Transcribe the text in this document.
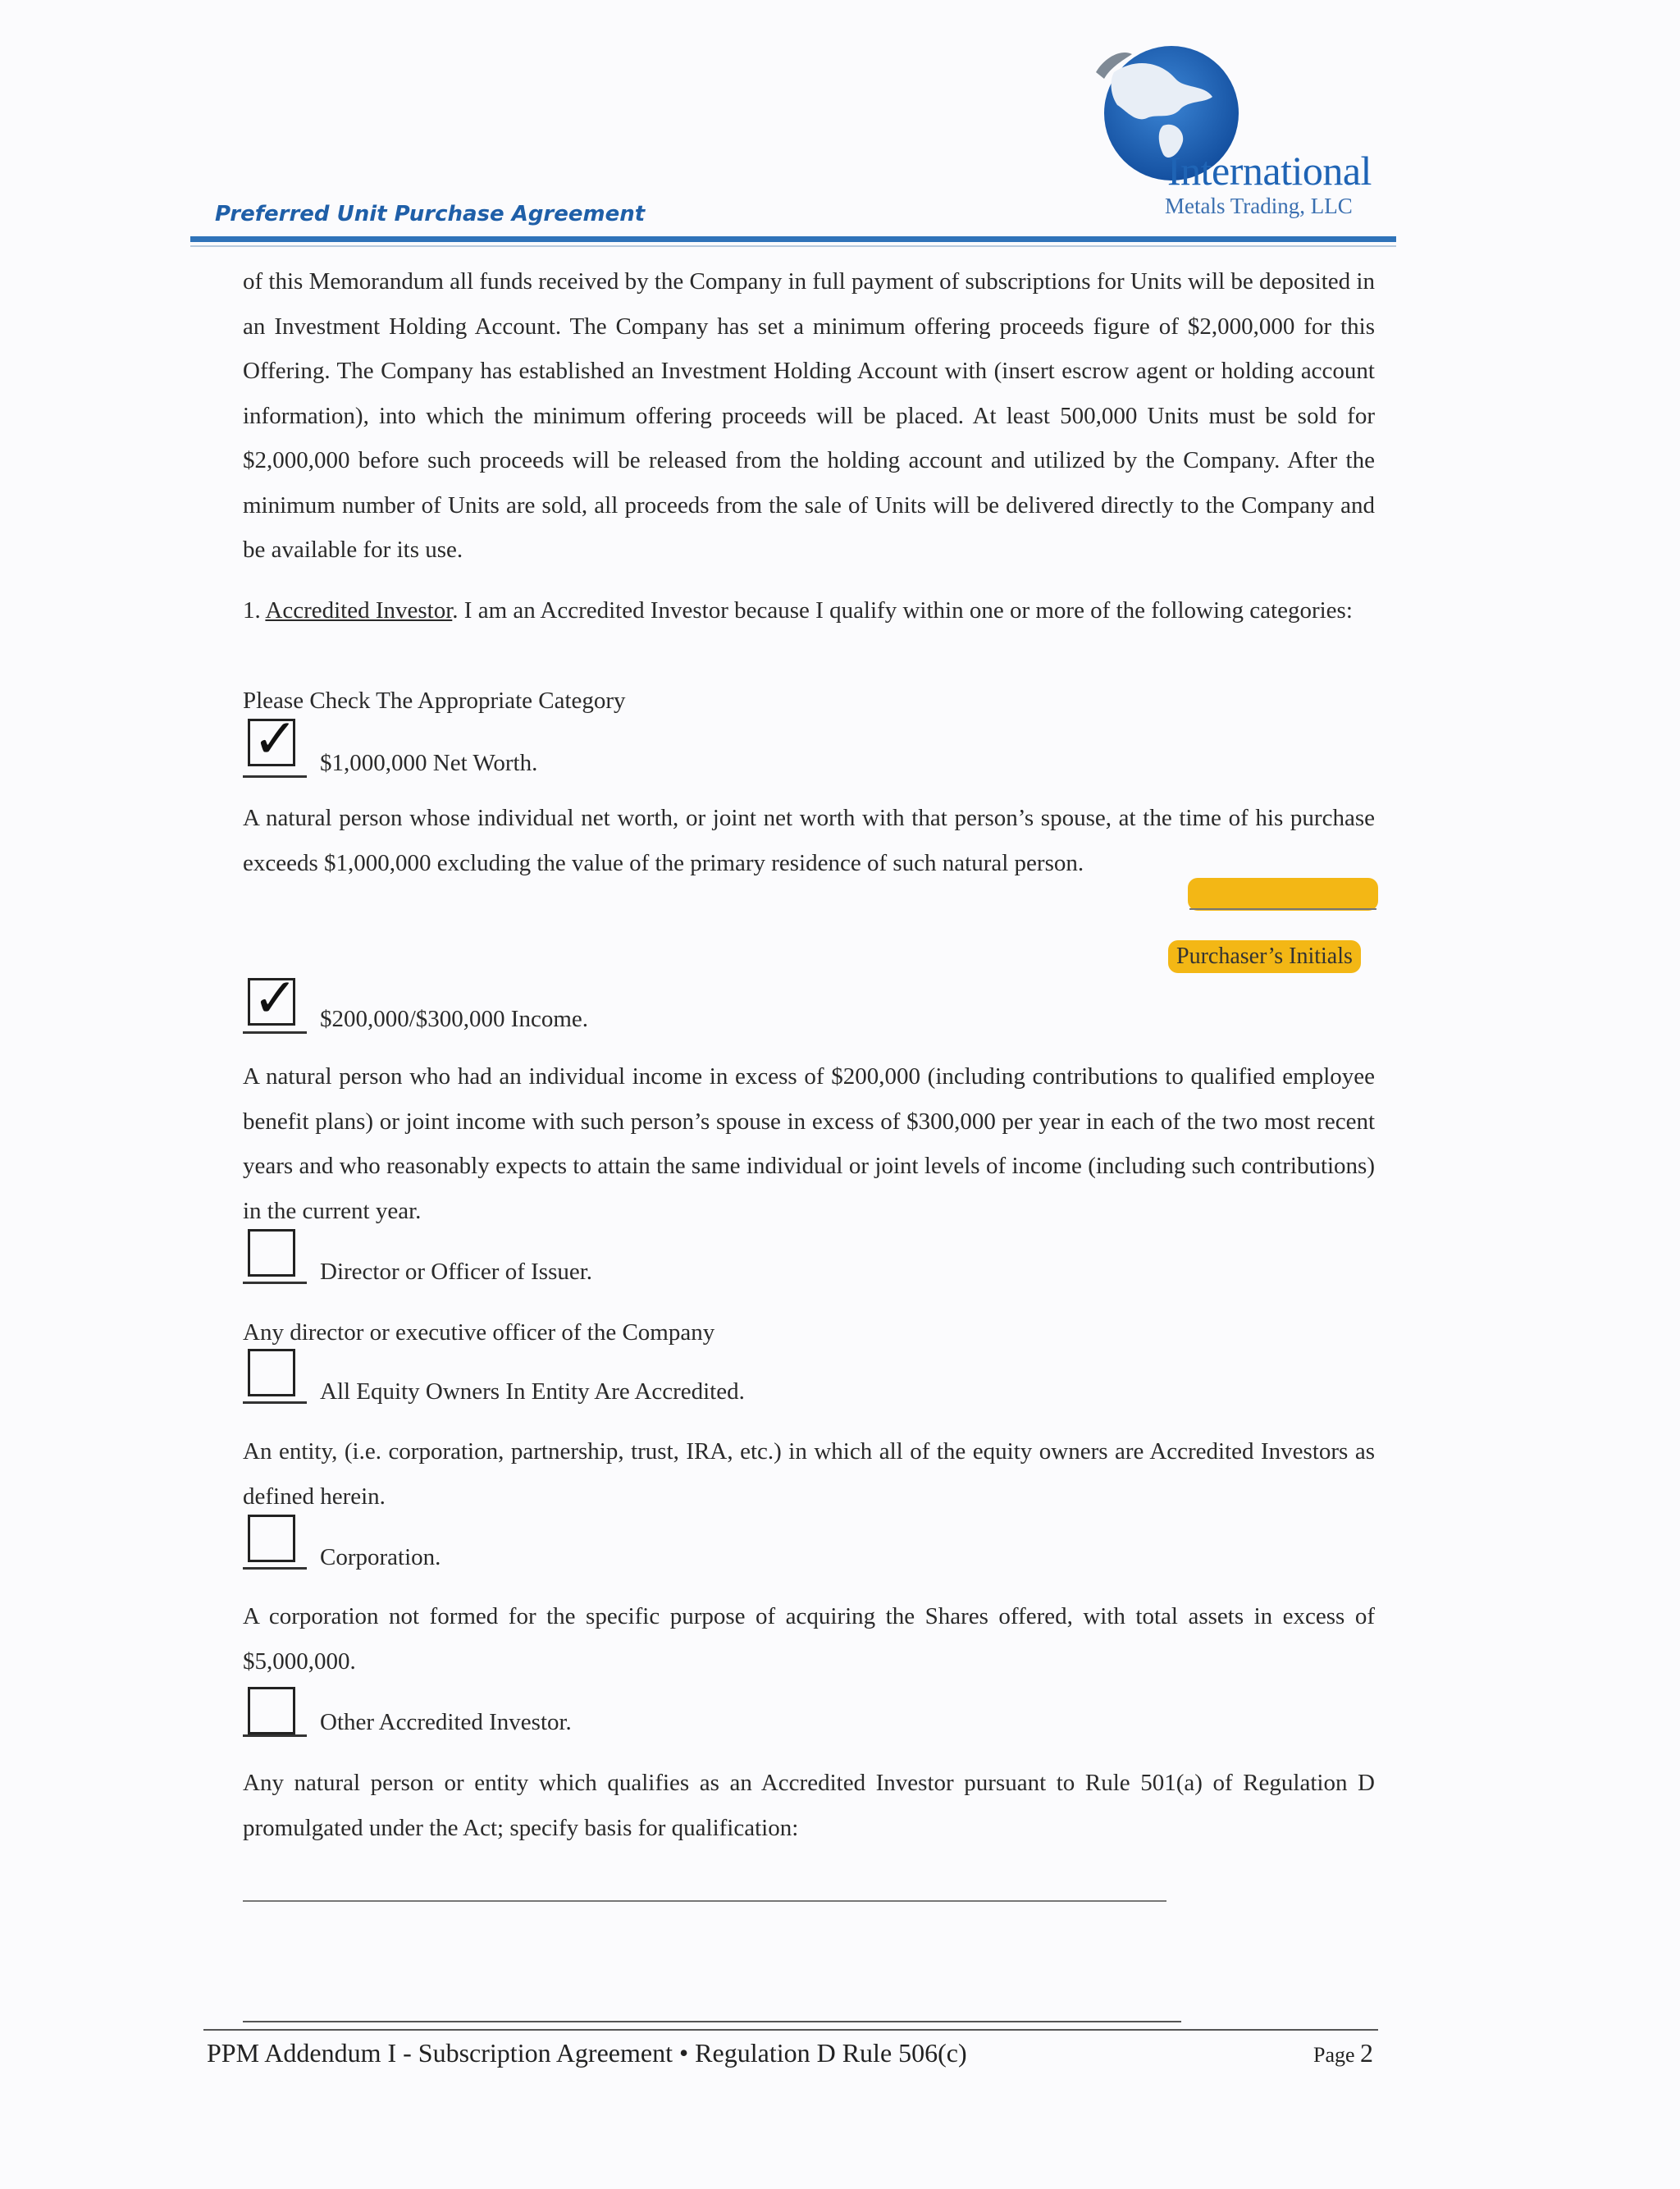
International

Metals Trading, LLC

Preferred Unit Purchase Agreement

of this Memorandum all funds received by the Company in full payment of subscriptions for Units will be deposited in an Investment Holding Account. The Company has set a minimum offering proceeds figure of $2,000,000 for this Offering. The Company has established an Investment Holding Account with (insert escrow agent or holding account information), into which the minimum offering proceeds will be placed. At least 500,000 Units must be sold for $2,000,000 before such proceeds will be released from the holding account and utilized by the Company. After the minimum number of Units are sold, all proceeds from the sale of Units will be delivered directly to the Company and be available for its use.

1. Accredited Investor. I am an Accredited Investor because I qualify within one or more of the following categories:

Please Check The Appropriate Category
✓ $1,000,000 Net Worth.

A natural person whose individual net worth, or joint net worth with that person’s spouse, at the time of his purchase exceeds $1,000,000 excluding the value of the primary residence of such natural person.

Purchaser’s Initials
✓ $200,000/$300,000 Income.

A natural person who had an individual income in excess of $200,000 (including contributions to qualified employee benefit plans) or joint income with such person’s spouse in excess of $300,000 per year in each of the two most recent years and who reasonably expects to attain the same individual or joint levels of income (including such contributions) in the current year.

Director or Officer of Issuer.

Any director or executive officer of the Company

All Equity Owners In Entity Are Accredited.

An entity, (i.e. corporation, partnership, trust, IRA, etc.) in which all of the equity owners are Accredited Investors as defined herein.

Corporation.

A corporation not formed for the specific purpose of acquiring the Shares offered, with total assets in excess of $5,000,000.

Other Accredited Investor.

Any natural person or entity which qualifies as an Accredited Investor pursuant to Rule 501(a) of Regulation D promulgated under the Act; specify basis for qualification:

PPM Addendum I - Subscription Agreement • Regulation D Rule 506(c)	Page 2
